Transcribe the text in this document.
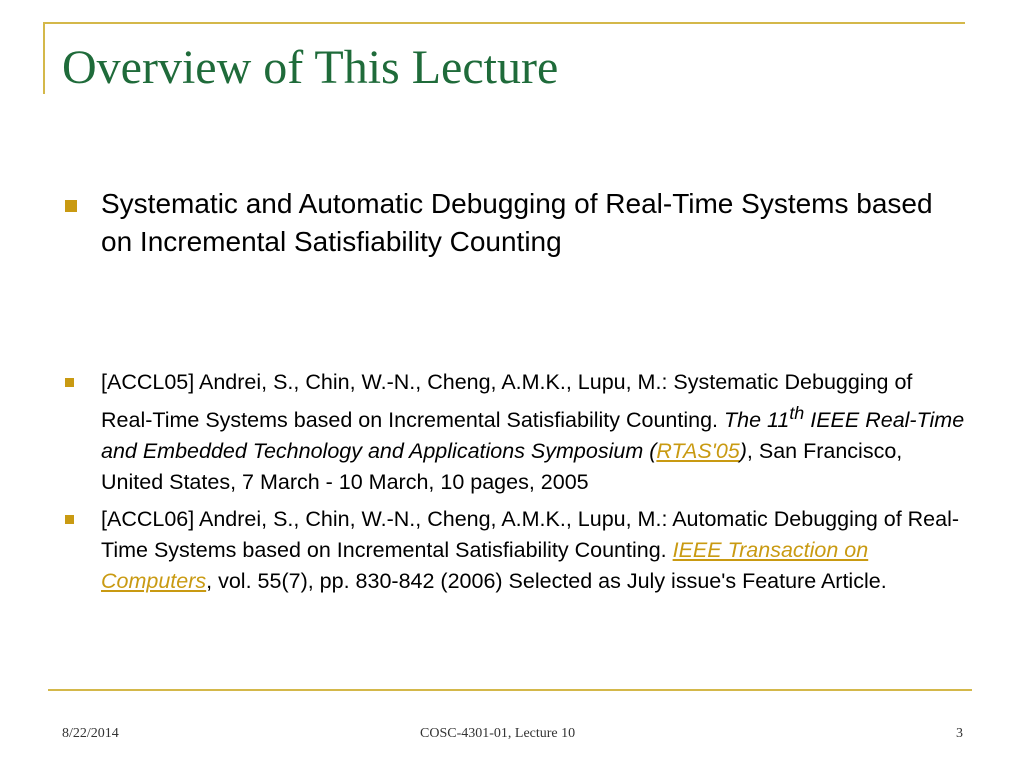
Overview of This Lecture
Systematic and Automatic Debugging of Real-Time Systems based on Incremental Satisfiability Counting
[ACCL05] Andrei, S., Chin, W.-N., Cheng, A.M.K., Lupu, M.: Systematic Debugging of Real-Time Systems based on Incremental Satisfiability Counting. The 11th IEEE Real-Time and Embedded Technology and Applications Symposium (RTAS'05), San Francisco, United States, 7 March - 10 March, 10 pages, 2005
[ACCL06] Andrei, S., Chin, W.-N., Cheng, A.M.K., Lupu, M.: Automatic Debugging of Real-Time Systems based on Incremental Satisfiability Counting. IEEE Transaction on Computers, vol. 55(7), pp. 830-842 (2006) Selected as July issue's Feature Article.
8/22/2014	COSC-4301-01, Lecture 10	3
